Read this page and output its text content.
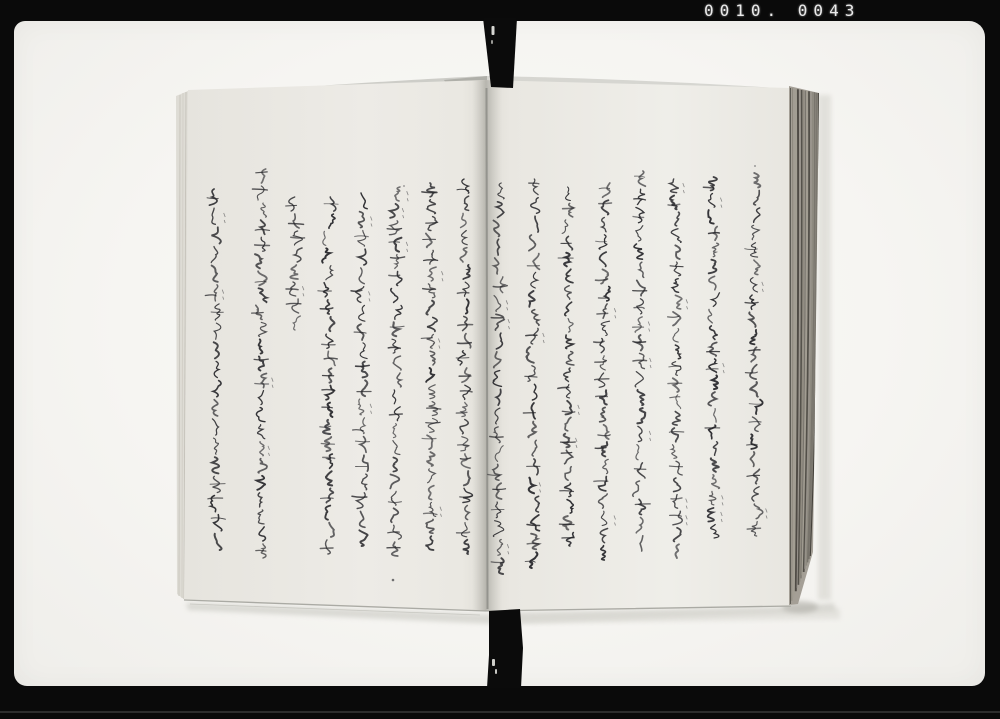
0010. 0043
